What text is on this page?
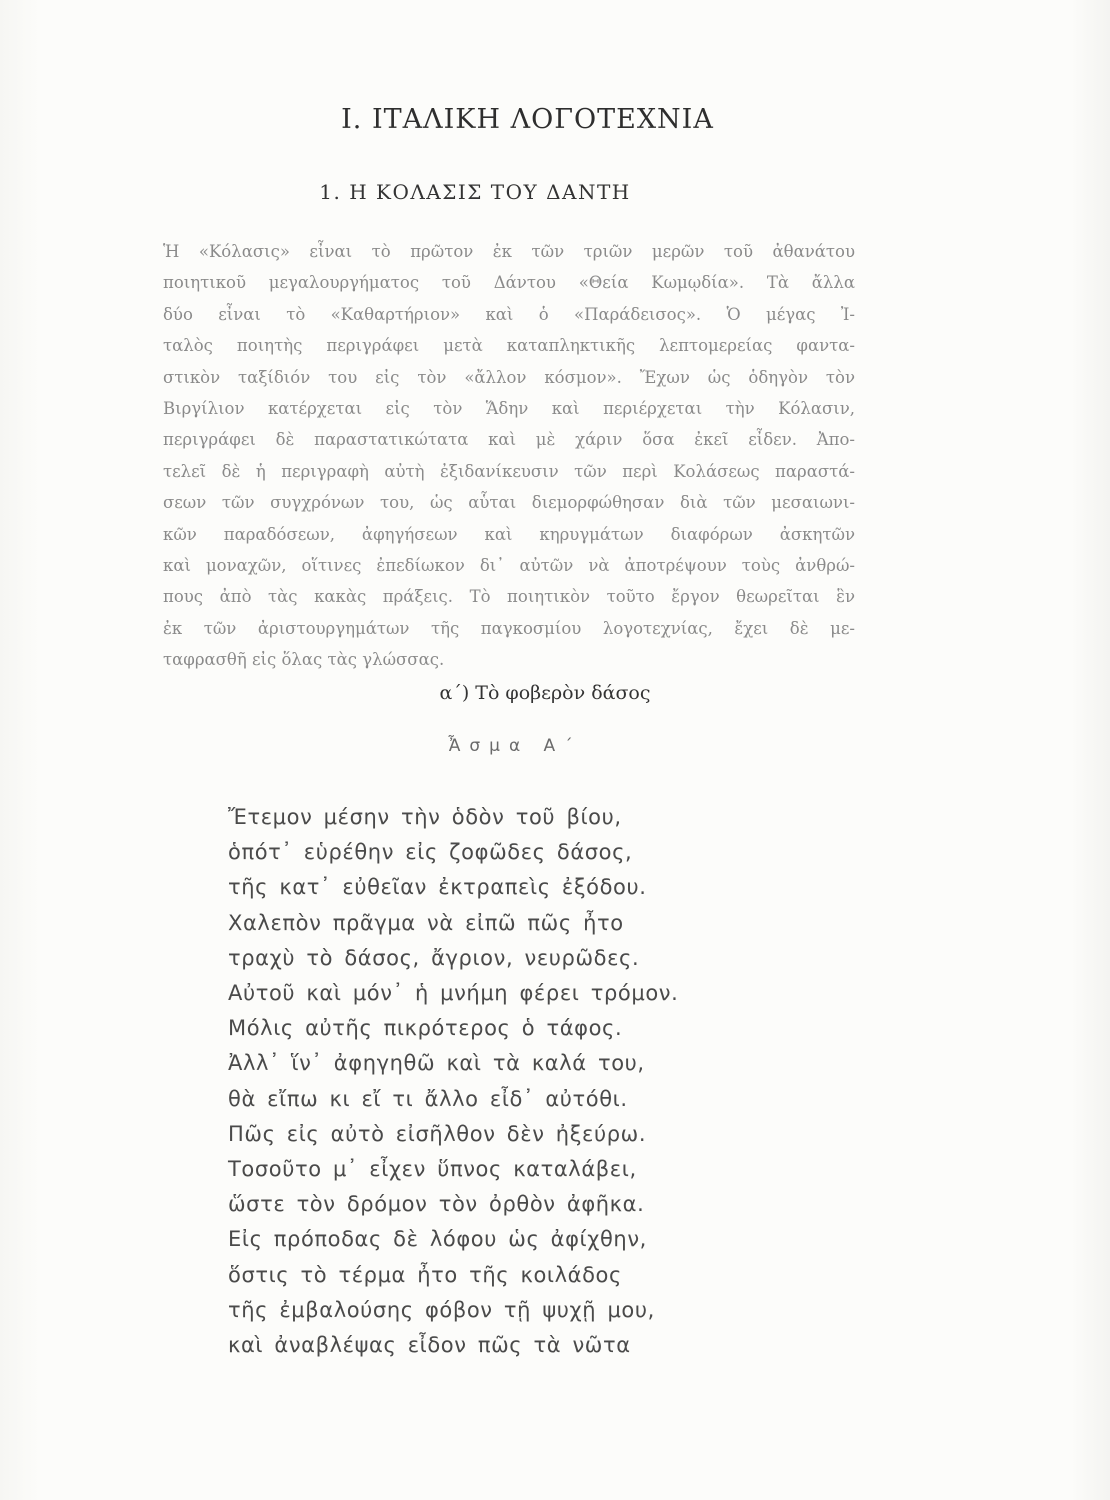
Ι. ΙΤΑΛΙΚΗ ΛΟΓΟΤΕΧΝΙΑ
1. Η ΚΟΛΑΣΙΣ ΤΟΥ ΔΑΝΤΗ
Ἡ «Κόλασις» εἶναι τὸ πρῶτον ἐκ τῶν τριῶν μερῶν τοῦ ἀθανάτου
ποιητικοῦ μεγαλουργήματος τοῦ Δάντου «Θεία Κωμῳδία». Τὰ ἄλλα
δύο εἶναι τὸ «Καθαρτήριον» καὶ ὁ «Παράδεισος». Ὁ μέγας Ἰ-
ταλὸς ποιητὴς περιγράφει μετὰ καταπληκτικῆς λεπτομερείας φαντα-
στικὸν ταξίδιόν του εἰς τὸν «ἄλλον κόσμον». Ἔχων ὡς ὁδηγὸν τὸν
Βιργίλιον κατέρχεται εἰς τὸν Ἅδην καὶ περιέρχεται τὴν Κόλασιν,
περιγράφει δὲ παραστατικώτατα καὶ μὲ χάριν ὅσα ἐκεῖ εἶδεν. Ἀπο-
τελεῖ δὲ ἡ περιγραφὴ αὐτὴ ἐξιδανίκευσιν τῶν περὶ Κολάσεως παραστά-
σεων τῶν συγχρόνων του, ὡς αὗται διεμορφώθησαν διὰ τῶν μεσαιωνι-
κῶν παραδόσεων, ἀφηγήσεων καὶ κηρυγμάτων διαφόρων ἀσκητῶν
καὶ μοναχῶν, οἵτινες ἐπεδίωκον δι᾽ αὐτῶν νὰ ἀποτρέψουν τοὺς ἀνθρώ-
πους ἀπὸ τὰς κακὰς πράξεις. Τὸ ποιητικὸν τοῦτο ἔργον θεωρεῖται ἓν
ἐκ τῶν ἀριστουργημάτων τῆς παγκοσμίου λογοτεχνίας, ἔχει δὲ με-
ταφρασθῆ εἰς ὅλας τὰς γλώσσας.
α΄) Τὸ φοβερὸν δάσος
Ἆσμα Α΄
Ἔτεμον μέσην τὴν ὁδὸν τοῦ βίου,
ὁπότ᾽ εὑρέθην εἰς ζοφῶδες δάσος,
τῆς κατ᾽ εὐθεῖαν ἐκτραπεὶς ἐξόδου.
Χαλεπὸν πρᾶγμα νὰ εἰπῶ πῶς ἦτο
τραχὺ τὸ δάσος, ἄγριον, νευρῶδες.
Αὐτοῦ καὶ μόν᾽ ἡ μνήμη φέρει τρόμον.
Μόλις αὐτῆς πικρότερος ὁ τάφος.
Ἀλλ᾽ ἵν᾽ ἀφηγηθῶ καὶ τὰ καλά του,
θὰ εἴπω κι εἴ τι ἄλλο εἶδ᾽ αὐτόθι.
Πῶς εἰς αὐτὸ εἰσῆλθον δὲν ἠξεύρω.
Τοσοῦτο μ᾽ εἶχεν ὕπνος καταλάβει,
ὥστε τὸν δρόμον τὸν ὀρθὸν ἀφῆκα.
Εἰς πρόποδας δὲ λόφου ὡς ἀφίχθην,
ὅστις τὸ τέρμα ἦτο τῆς κοιλάδος
τῆς ἐμβαλούσης φόβον τῇ ψυχῇ μου,
καὶ ἀναβλέψας εἶδον πῶς τὰ νῶτα
